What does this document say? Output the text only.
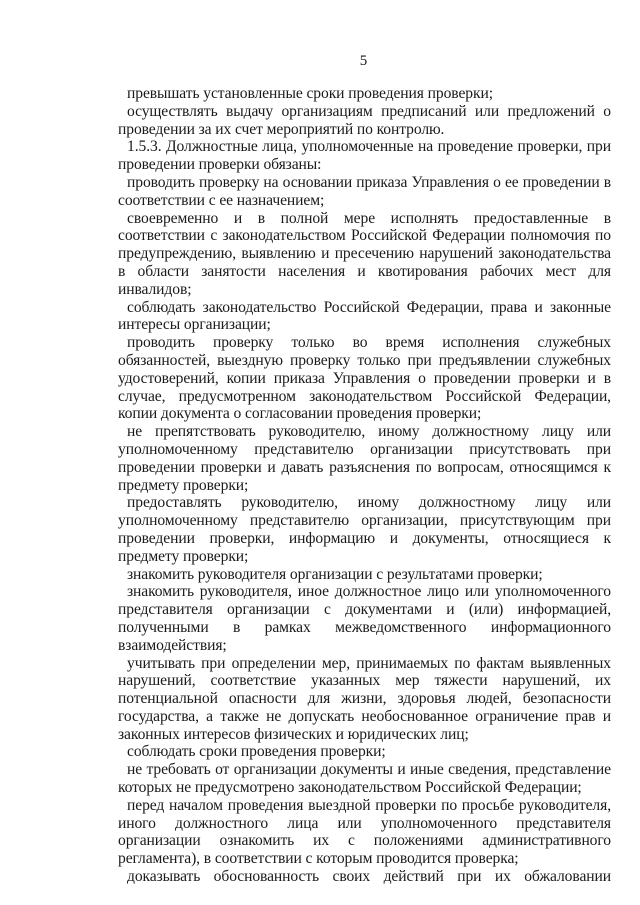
5

превышать установленные сроки проведения проверки;

осуществлять выдачу организациям предписаний или предложений о проведении за их счет мероприятий по контролю.

1.5.3. Должностные лица, уполномоченные на проведение проверки, при проведении проверки обязаны:

проводить проверку на основании приказа Управления о ее проведении в соответствии с ее назначением;

своевременно и в полной мере исполнять предоставленные в соответствии с законодательством Российской Федерации полномочия по предупреждению, выявлению и пресечению нарушений законодательства в области занятости населения и квотирования рабочих мест для инвалидов;

соблюдать законодательство Российской Федерации, права и законные интересы организации;

проводить проверку только во время исполнения служебных обязанностей, выездную проверку только при предъявлении служебных удостоверений, копии приказа Управления о проведении проверки и в случае, предусмотренном законодательством Российской Федерации, копии документа о согласовании проведения проверки;

не препятствовать руководителю, иному должностному лицу или уполномоченному представителю организации присутствовать при проведении проверки и давать разъяснения по вопросам, относящимся к предмету проверки;

предоставлять руководителю, иному должностному лицу или уполномоченному представителю организации, присутствующим при проведении проверки, информацию и документы, относящиеся к предмету проверки;

знакомить руководителя организации с результатами проверки;

знакомить руководителя, иное должностное лицо или уполномоченного представителя организации с документами и (или) информацией, полученными в рамках межведомственного информационного взаимодействия;

учитывать при определении мер, принимаемых по фактам выявленных нарушений, соответствие указанных мер тяжести нарушений, их потенциальной опасности для жизни, здоровья людей, безопасности государства, а также не допускать необоснованное ограничение прав и законных интересов физических и юридических лиц;

соблюдать сроки проведения проверки;

не требовать от организации документы и иные сведения, представление которых не предусмотрено законодательством Российской Федерации;

перед началом проведения выездной проверки по просьбе руководителя, иного должностного лица или уполномоченного представителя организации ознакомить их с положениями административного регламента), в соответствии с которым проводится проверка;

доказывать обоснованность своих действий при их обжаловании
